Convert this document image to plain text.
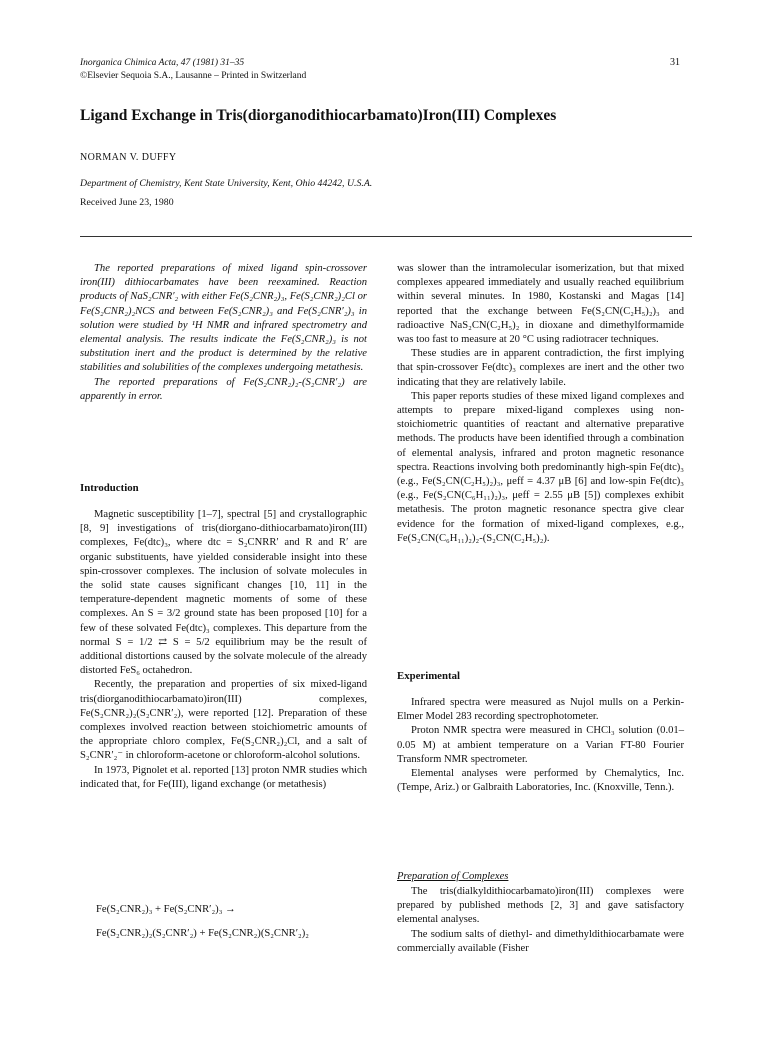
Inorganica Chimica Acta, 47 (1981) 31–35
©Elsevier Sequoia S.A., Lausanne – Printed in Switzerland
31
Ligand Exchange in Tris(diorganodithiocarbamato)Iron(III) Complexes
NORMAN V. DUFFY
Department of Chemistry, Kent State University, Kent, Ohio 44242, U.S.A.
Received June 23, 1980

The reported preparations of mixed ligand spin-crossover iron(III) dithiocarbamates have been reexamined. Reaction products of NaS₂CNR′₂ with either Fe(S₂CNR₂)₃, Fe(S₂CNR₂)₂Cl or Fe(S₂CNR₂)₂NCS and between Fe(S₂CNR₂)₃ and Fe(S₂CNR′₂)₃ in solution were studied by ¹H NMR and infrared spectrometry and elemental analysis. The results indicate the Fe(S₂CNR₂)₃ is not substitution inert and the product is determined by the relative stabilities and solubilities of the complexes undergoing metathesis.

The reported preparations of Fe(S₂CNR₂)₂-(S₂CNR′₂) are apparently in error.

Introduction

Magnetic susceptibility [1–7], spectral [5] and crystallographic [8, 9] investigations of tris(diorgano-dithiocarbamato)iron(III) complexes, Fe(dtc)₃, where dtc = S₂CNRR′ and R and R′ are organic substituents, have yielded considerable insight into these spin-crossover complexes. The inclusion of solvate molecules in the solid state causes significant changes [10, 11] in the temperature-dependent magnetic moments of some of these complexes. An S = 3/2 ground state has been proposed [10] for a few of these solvated Fe(dtc)₃ complexes. This departure from the normal S = 1/2 ⇄ S = 5/2 equilibrium may be the result of additional distortions caused by the solvate molecule of the already distorted FeS₆ octahedron.

Recently, the preparation and properties of six mixed-ligand tris(diorganodithiocarbamato)iron(III) complexes, Fe(S₂CNR₂)₂(S₂CNR′₂), were reported [12]. Preparation of these complexes involved reaction between stoichiometric amounts of the appropriate chloro complex, Fe(S₂CNR₂)₂Cl, and a salt of S₂CNR′₂⁻ in chloroform-acetone or chloroform-alcohol solutions.

In 1973, Pignolet et al. reported [13] proton NMR studies which indicated that, for Fe(III), ligand exchange (or metathesis)

Fe(S₂CNR₂)₃ + Fe(S₂CNR′₂)₃ →
Fe(S₂CNR₂)₂(S₂CNR′₂) + Fe(S₂CNR₂)(S₂CNR′₂)₂

was slower than the intramolecular isomerization, but that mixed complexes appeared immediately and usually reached equilibrium within several minutes. In 1980, Kostanski and Magas [14] reported that the exchange between Fe(S₂CN(C₂H₅)₂)₃ and radioactive NaS₂CN(C₂H₅)₂ in dioxane and dimethylformamide was too fast to measure at 20 °C using radiotracer techniques.

These studies are in apparent contradiction, the first implying that spin-crossover Fe(dtc)₃ complexes are inert and the other two indicating that they are relatively labile.

This paper reports studies of these mixed ligand complexes and attempts to prepare mixed-ligand complexes using non-stoichiometric quantities of reactant and alternative preparative methods. The products have been identified through a combination of elemental analysis, infrared and proton magnetic resonance spectra. Reactions involving both predominantly high-spin Fe(dtc)₃ (e.g., Fe(S₂CN(C₂H₅)₂)₃, μeff = 4.37 μB [6] and low-spin Fe(dtc)₃ (e.g., Fe(S₂CN(C₆H₁₁)₂)₃, μeff = 2.55 μB [5]) complexes exhibit metathesis. The proton magnetic resonance spectra give clear evidence for the formation of mixed-ligand complexes, e.g., Fe(S₂CN(C₆H₁₁)₂)₂-(S₂CN(C₂H₅)₂).

Experimental

Infrared spectra were measured as Nujol mulls on a Perkin-Elmer Model 283 recording spectrophotometer.

Proton NMR spectra were measured in CHCl₃ solution (0.01–0.05 M) at ambient temperature on a Varian FT-80 Fourier Transform NMR spectrometer.

Elemental analyses were performed by Chemalytics, Inc. (Tempe, Ariz.) or Galbraith Laboratories, Inc. (Knoxville, Tenn.).

Preparation of Complexes

The tris(dialkyldithiocarbamato)iron(III) complexes were prepared by published methods [2, 3] and gave satisfactory elemental analyses.

The sodium salts of diethyl- and dimethyldithiocarbamate were commercially available (Fisher
